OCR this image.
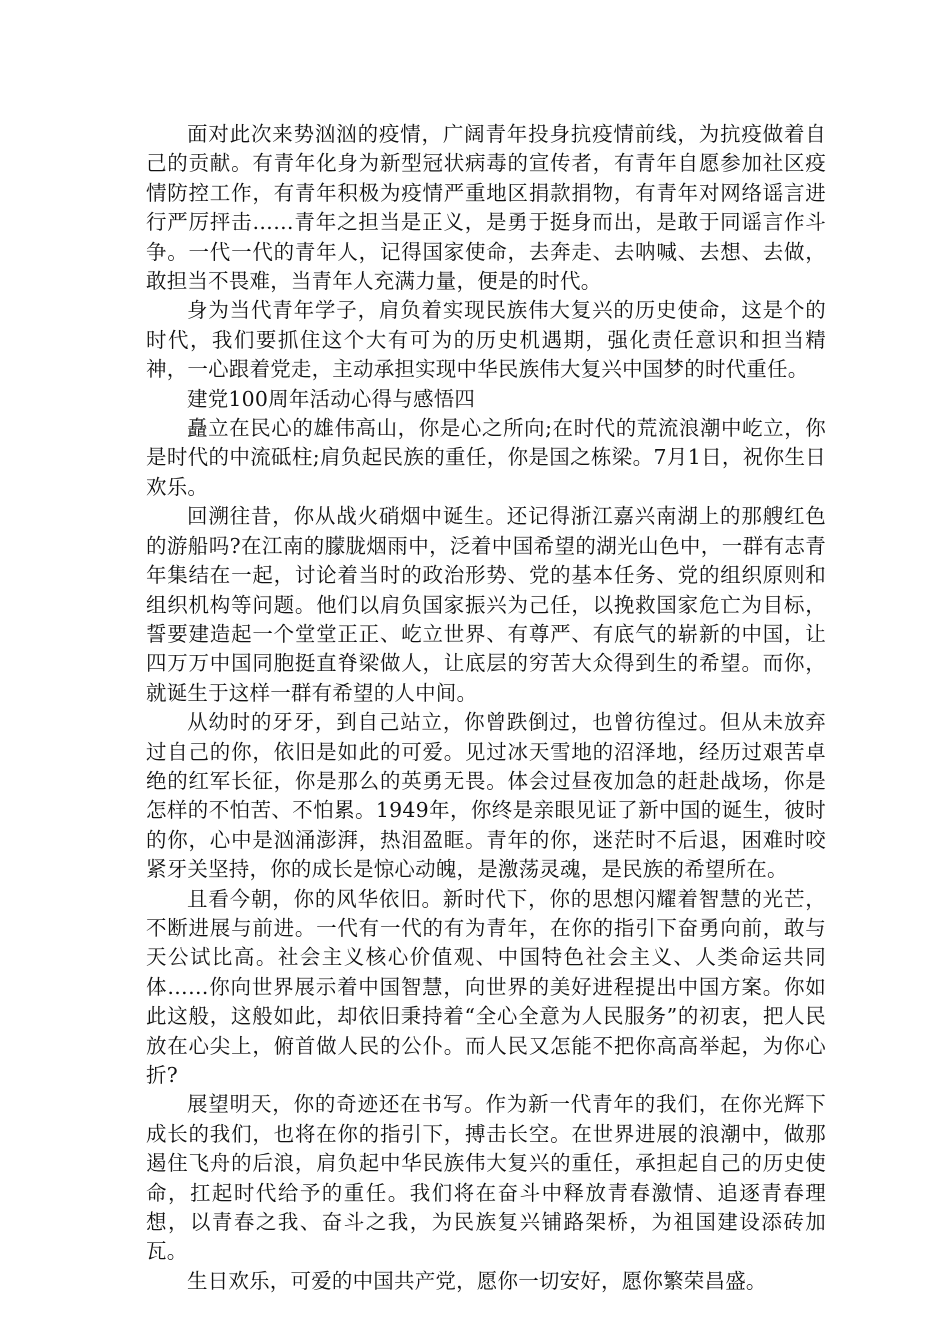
面对此次来势汹汹的疫情，广阔青年投身抗疫情前线，为抗疫做着自己的贡献。有青年化身为新型冠状病毒的宣传者，有青年自愿参加社区疫情防控工作，有青年积极为疫情严重地区捐款捐物，有青年对网络谣言进行严厉抨击……青年之担当是正义，是勇于挺身而出，是敢于同谣言作斗争。一代一代的青年人，记得国家使命，去奔走、去呐喊、去想、去做，敢担当不畏难，当青年人充满力量，便是的时代。

身为当代青年学子，肩负着实现民族伟大复兴的历史使命，这是个的时代，我们要抓住这个大有可为的历史机遇期，强化责任意识和担当精神，一心跟着党走，主动承担实现中华民族伟大复兴中国梦的时代重任。

建党100周年活动心得与感悟四

矗立在民心的雄伟高山，你是心之所向;在时代的荒流浪潮中屹立，你是时代的中流砥柱;肩负起民族的重任，你是国之栋梁。7月1日，祝你生日欢乐。

回溯往昔，你从战火硝烟中诞生。还记得浙江嘉兴南湖上的那艘红色的游船吗?在江南的朦胧烟雨中，泛着中国希望的湖光山色中，一群有志青年集结在一起，讨论着当时的政治形势、党的基本任务、党的组织原则和组织机构等问题。他们以肩负国家振兴为己任，以挽救国家危亡为目标，誓要建造起一个堂堂正正、屹立世界、有尊严、有底气的崭新的中国，让四万万中国同胞挺直脊梁做人，让底层的穷苦大众得到生的希望。而你，就诞生于这样一群有希望的人中间。

从幼时的牙牙，到自己站立，你曾跌倒过，也曾彷徨过。但从未放弃过自己的你，依旧是如此的可爱。见过冰天雪地的沼泽地，经历过艰苦卓绝的红军长征，你是那么的英勇无畏。体会过昼夜加急的赶赴战场，你是怎样的不怕苦、不怕累。1949年，你终是亲眼见证了新中国的诞生，彼时的你，心中是汹涌澎湃，热泪盈眶。青年的你，迷茫时不后退，困难时咬紧牙关坚持，你的成长是惊心动魄，是激荡灵魂，是民族的希望所在。

且看今朝，你的风华依旧。新时代下，你的思想闪耀着智慧的光芒，不断进展与前进。一代有一代的有为青年，在你的指引下奋勇向前，敢与天公试比高。社会主义核心价值观、中国特色社会主义、人类命运共同体……你向世界展示着中国智慧，向世界的美好进程提出中国方案。你如此这般，这般如此，却依旧秉持着“全心全意为人民服务”的初衷，把人民放在心尖上，俯首做人民的公仆。而人民又怎能不把你高高举起，为你心折?

展望明天，你的奇迹还在书写。作为新一代青年的我们，在你光辉下成长的我们，也将在你的指引下，搏击长空。在世界进展的浪潮中，做那遏住飞舟的后浪，肩负起中华民族伟大复兴的重任，承担起自己的历史使命，扛起时代给予的重任。我们将在奋斗中释放青春激情、追逐青春理想，以青春之我、奋斗之我，为民族复兴铺路架桥，为祖国建设添砖加瓦。

生日欢乐，可爱的中国共产党，愿你一切安好，愿你繁荣昌盛。
